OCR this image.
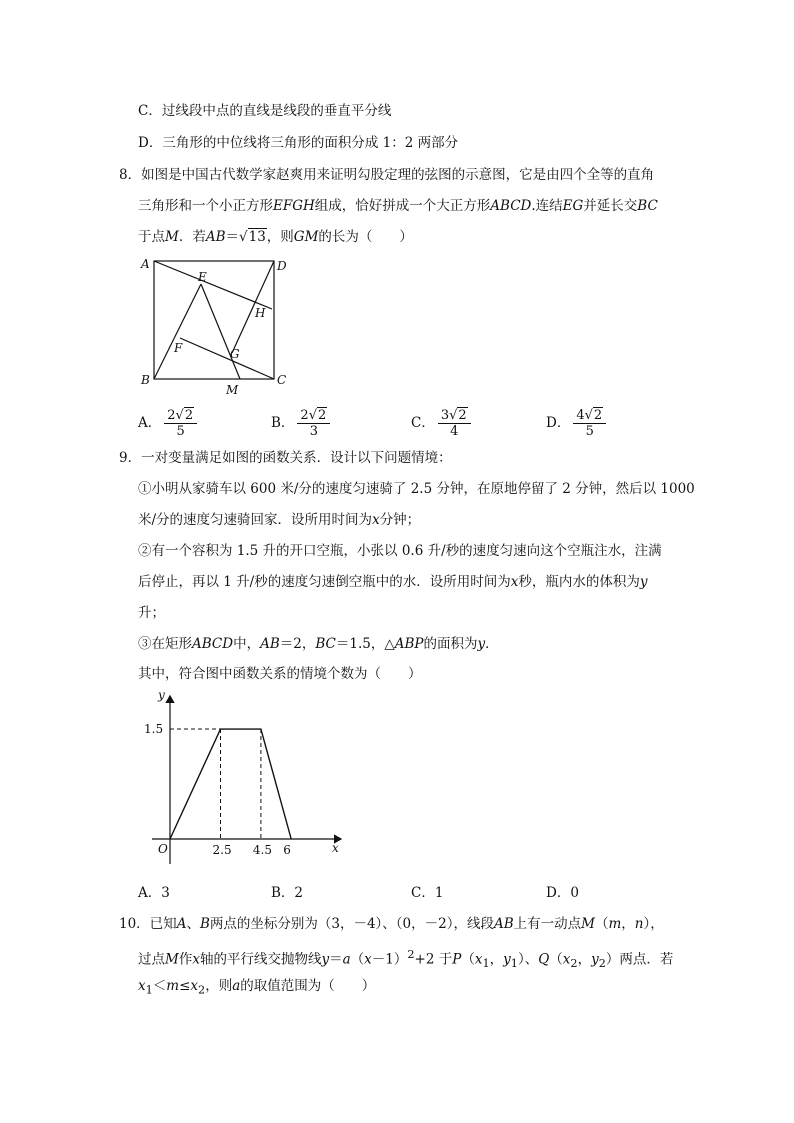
C．过线段中点的直线是线段的垂直平分线
D．三角形的中位线将三角形的面积分成 1：2 两部分
8．如图是中国古代数学家赵爽用来证明勾股定理的弦图的示意图，它是由四个全等的直角
三角形和一个小正方形EFGH组成，恰好拼成一个大正方形ABCD.连结EG并延长交BC
于点M．若AB＝√13，则GM的长为（　　）
A	D
E
H
F	G
B
M
C
A． $\frac{2√2}{5}$	B． $\frac{2√2}{3}$	C． $\frac{3√2}{4}$	D． $\frac{4√2}{5}$
9．一对变量满足如图的函数关系．设计以下问题情境：
①小明从家骑车以 600 米/分的速度匀速骑了 2.5 分钟，在原地停留了 2 分钟，然后以 1000
米/分的速度匀速骑回家．设所用时间为x分钟；
②有一个容积为 1.5 升的开口空瓶，小张以 0.6 升/秒的速度匀速向这个空瓶注水，注满
后停止，再以 1 升/秒的速度匀速倒空瓶中的水．设所用时间为x秒，瓶内水的体积为y
升；
③在矩形ABCD中，AB＝2，BC＝1.5，△ABP的面积为y．
其中，符合图中函数关系的情境个数为（　　）
y
x
O
1.5
2.5 4.5 6
A．3	B．2	C．1	D．0
10．已知A、B两点的坐标分别为（3，－4）、（0，－2），线段AB上有一动点M（m，n），
过点M作x轴的平行线交抛物线$y=a(x-1)^2+2$ 于$P(x_1$，$y_1$）、$Q(x_2$，$y_2$）两点．若
$x_1<m\le x_2$，则a的取值范围为（　　）
